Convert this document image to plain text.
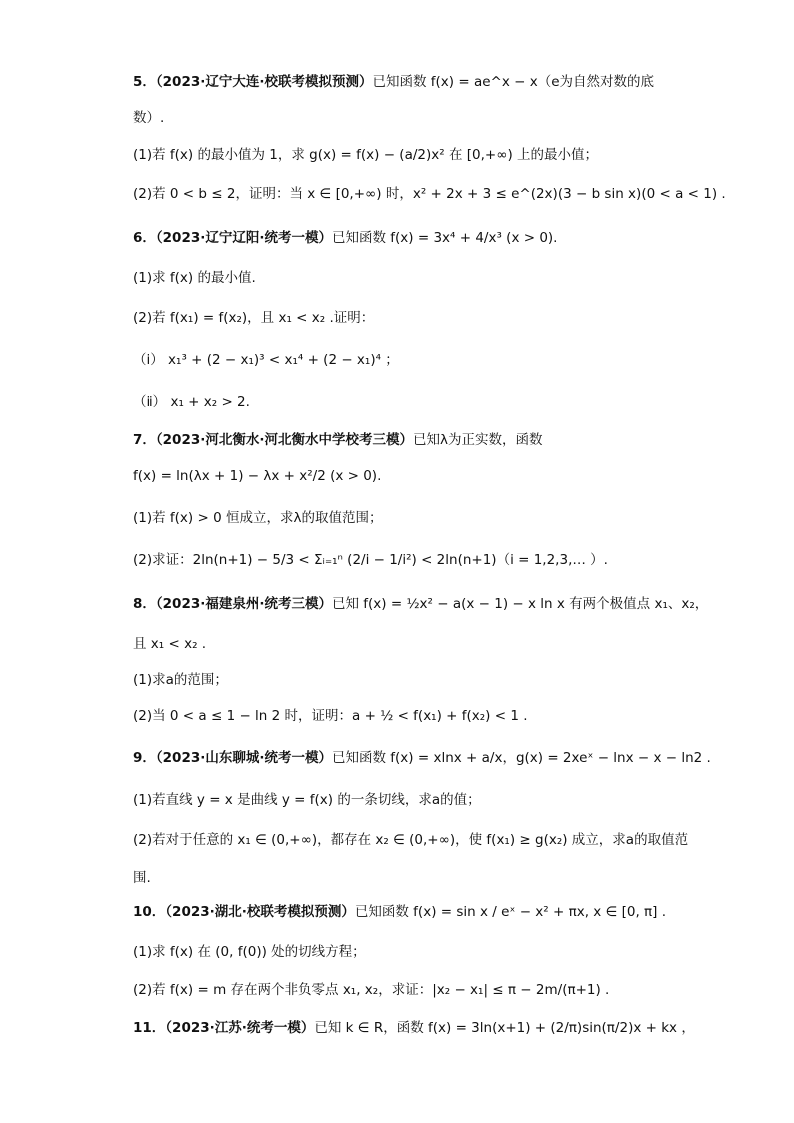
5．（2023·辽宁大连·校联考模拟预测）已知函数 f(x) = ae^x − x（e为自然对数的底
数）.
(1)若 f(x) 的最小值为 1，求 g(x) = f(x) − (a/2)x² 在 [0,+∞) 上的最小值；
(2)若 0 < b ≤ 2，证明：当 x ∈ [0,+∞) 时，x² + 2x + 3 ≤ e^(2x)(3 − b sin x)(0 < a < 1) .
6．（2023·辽宁辽阳·统考一模）已知函数 f(x) = 3x⁴ + 4/x³ (x > 0).
(1)求 f(x) 的最小值.
(2)若 f(x₁) = f(x₂)，且 x₁ < x₂ .证明：
（ⅰ） x₁³ + (2 − x₁)³ < x₁⁴ + (2 − x₁)⁴ ；
（ⅱ） x₁ + x₂ > 2.
7．（2023·河北衡水·河北衡水中学校考三模）已知λ为正实数，函数
f(x) = ln(λx + 1) − λx + x²/2 (x > 0).
(1)若 f(x) > 0 恒成立，求λ的取值范围；
(2)求证：2ln(n+1) − 5/3 < Σᵢ₌₁ⁿ (2/i − 1/i²) < 2ln(n+1)（i = 1,2,3,… ）.
8．（2023·福建泉州·统考三模）已知 f(x) = ½x² − a(x − 1) − x ln x 有两个极值点 x₁、x₂，
且 x₁ < x₂ .
(1)求a的范围；
(2)当 0 < a ≤ 1 − ln 2 时，证明：a + ½ < f(x₁) + f(x₂) < 1 .
9．（2023·山东聊城·统考一模）已知函数 f(x) = xlnx + a/x，g(x) = 2xeˣ − lnx − x − ln2 .
(1)若直线 y = x 是曲线 y = f(x) 的一条切线，求a的值；
(2)若对于任意的 x₁ ∈ (0,+∞)，都存在 x₂ ∈ (0,+∞)，使 f(x₁) ≥ g(x₂) 成立，求a的取值范
围.
10．（2023·湖北·校联考模拟预测）已知函数 f(x) = sin x / eˣ − x² + πx, x ∈ [0, π] .
(1)求 f(x) 在 (0, f(0)) 处的切线方程；
(2)若 f(x) = m 存在两个非负零点 x₁, x₂，求证：|x₂ − x₁| ≤ π − 2m/(π+1) .
11．（2023·江苏·统考一模）已知 k ∈ R，函数 f(x) = 3ln(x+1) + (2/π)sin(π/2)x + kx ，
